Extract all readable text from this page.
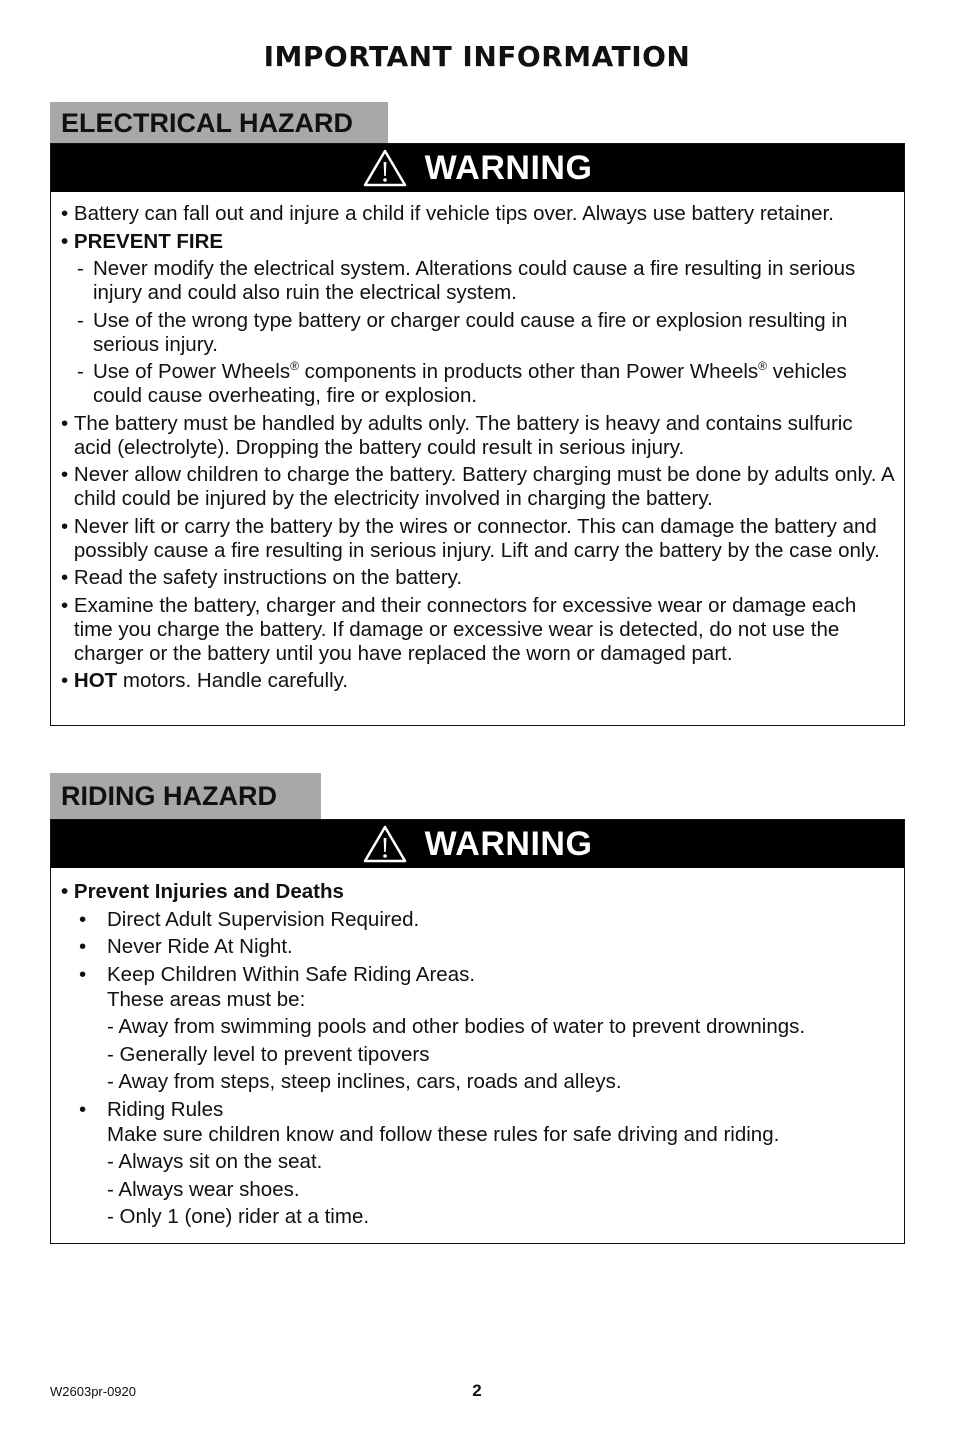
IMPORTANT INFORMATION
ELECTRICAL HAZARD
WARNING
•
Battery can fall out and injure a child if vehicle tips over. Always use battery retainer.
•
PREVENT FIRE
- Never modify the electrical system. Alterations could cause a fire resulting in serious injury and could also ruin the electrical system.
- Use of the wrong type battery or charger could cause a fire or explosion resulting in serious injury.
- Use of Power Wheels® components in products other than Power Wheels® vehicles could cause overheating, fire or explosion.
•
The battery must be handled by adults only. The battery is heavy and contains sulfuric acid (electrolyte). Dropping the battery could result in serious injury.
•
Never allow children to charge the battery. Battery charging must be done by adults only. A child could be injured by the electricity involved in charging the battery.
•
Never lift or carry the battery by the wires or connector. This can damage the battery and possibly cause a fire resulting in serious injury. Lift and carry the battery by the case only.
•
Read the safety instructions on the battery.
•
Examine the battery, charger and their connectors for excessive wear or damage each time you charge the battery. If damage or excessive wear is detected, do not use the charger or the battery until you have replaced the worn or damaged part.
•
HOT motors. Handle carefully.
RIDING HAZARD
WARNING
•
Prevent Injuries and Deaths
•	Direct Adult Supervision Required.
•	Never Ride At Night.
•	Keep Children Within Safe Riding Areas.
These areas must be:
- Away from swimming pools and other bodies of water to prevent drownings.
- Generally level to prevent tipovers
- Away from steps, steep inclines, cars, roads and alleys.
•	Riding Rules
Make sure children know and follow these rules for safe driving and riding.
- Always sit on the seat.
- Always wear shoes.
- Only 1 (one) rider at a time.
W2603pr-0920	2
